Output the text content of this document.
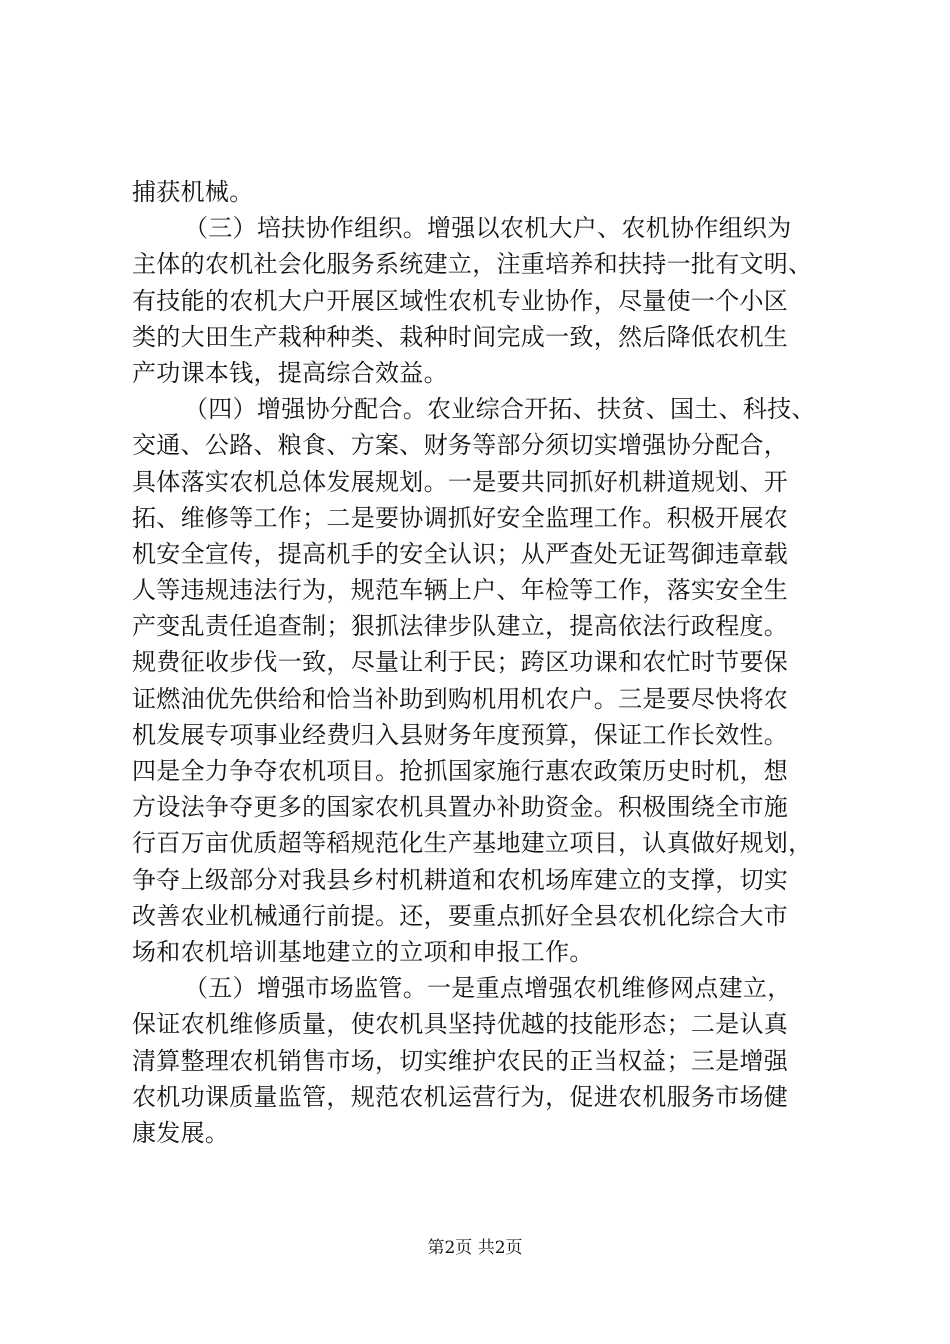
捕获机械。
（三）培扶协作组织。增强以农机大户、农机协作组织为
主体的农机社会化服务系统建立，注重培养和扶持一批有文明、
有技能的农机大户开展区域性农机专业协作，尽量使一个小区
类的大田生产栽种种类、栽种时间完成一致，然后降低农机生
产功课本钱，提高综合效益。
（四）增强协分配合。农业综合开拓、扶贫、国土、科技、
交通、公路、粮食、方案、财务等部分须切实增强协分配合，
具体落实农机总体发展规划。一是要共同抓好机耕道规划、开
拓、维修等工作；二是要协调抓好安全监理工作。积极开展农
机安全宣传，提高机手的安全认识；从严查处无证驾御违章载
人等违规违法行为，规范车辆上户、年检等工作，落实安全生
产变乱责任追查制；狠抓法律步队建立，提高依法行政程度。
规费征收步伐一致，尽量让利于民；跨区功课和农忙时节要保
证燃油优先供给和恰当补助到购机用机农户。三是要尽快将农
机发展专项事业经费归入县财务年度预算，保证工作长效性。
四是全力争夺农机项目。抢抓国家施行惠农政策历史时机，想
方设法争夺更多的国家农机具置办补助资金。积极围绕全市施
行百万亩优质超等稻规范化生产基地建立项目，认真做好规划，
争夺上级部分对我县乡村机耕道和农机场库建立的支撑，切实
改善农业机械通行前提。还，要重点抓好全县农机化综合大市
场和农机培训基地建立的立项和申报工作。
（五）增强市场监管。一是重点增强农机维修网点建立，
保证农机维修质量，使农机具坚持优越的技能形态；二是认真
清算整理农机销售市场，切实维护农民的正当权益；三是增强
农机功课质量监管，规范农机运营行为，促进农机服务市场健
康发展。
第2页 共2页
